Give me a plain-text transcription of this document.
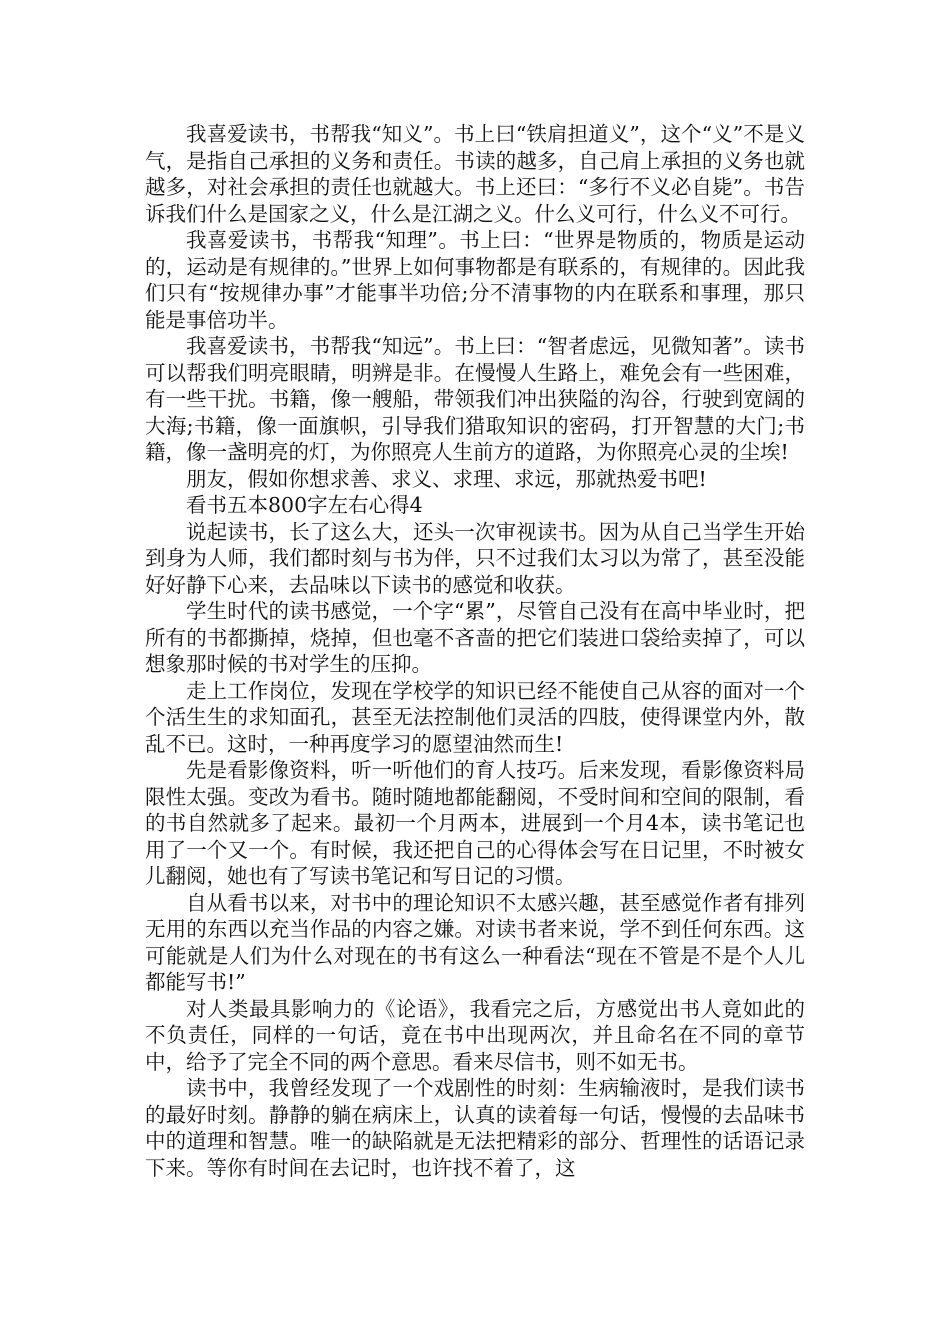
我喜爱读书，书帮我“知义”。书上曰“铁肩担道义”，这个“义”不是义气，是指自己承担的义务和责任。书读的越多，自己肩上承担的义务也就越多，对社会承担的责任也就越大。书上还曰：“多行不义必自毙”。书告诉我们什么是国家之义，什么是江湖之义。什么义可行，什么义不可行。

我喜爱读书，书帮我“知理”。书上曰：“世界是物质的，物质是运动的，运动是有规律的。”世界上如何事物都是有联系的，有规律的。因此我们只有“按规律办事”才能事半功倍;分不清事物的内在联系和事理，那只能是事倍功半。

我喜爱读书，书帮我“知远”。书上曰：“智者虑远，见微知著”。读书可以帮我们明亮眼睛，明辨是非。在慢慢人生路上，难免会有一些困难，有一些干扰。书籍，像一艘船，带领我们冲出狭隘的沟谷，行驶到宽阔的大海;书籍，像一面旗帜，引导我们猎取知识的密码，打开智慧的大门;书籍，像一盏明亮的灯，为你照亮人生前方的道路，为你照亮心灵的尘埃!

朋友，假如你想求善、求义、求理、求远，那就热爱书吧!

看书五本800字左右心得4

说起读书，长了这么大，还头一次审视读书。因为从自己当学生开始到身为人师，我们都时刻与书为伴，只不过我们太习以为常了，甚至没能好好静下心来，去品味以下读书的感觉和收获。

学生时代的读书感觉，一个字“累”，尽管自己没有在高中毕业时，把所有的书都撕掉，烧掉，但也毫不吝啬的把它们装进口袋给卖掉了，可以想象那时候的书对学生的压抑。

走上工作岗位，发现在学校学的知识已经不能使自己从容的面对一个个活生生的求知面孔，甚至无法控制他们灵活的四肢，使得课堂内外，散乱不已。这时，一种再度学习的愿望油然而生!

先是看影像资料，听一听他们的育人技巧。后来发现，看影像资料局限性太强。变改为看书。随时随地都能翻阅，不受时间和空间的限制，看的书自然就多了起来。最初一个月两本，进展到一个月4本，读书笔记也用了一个又一个。有时候，我还把自己的心得体会写在日记里，不时被女儿翻阅，她也有了写读书笔记和写日记的习惯。

自从看书以来，对书中的理论知识不太感兴趣，甚至感觉作者有排列无用的东西以充当作品的内容之嫌。对读书者来说，学不到任何东西。这可能就是人们为什么对现在的书有这么一种看法“现在不管是不是个人儿都能写书!”

对人类最具影响力的《论语》，我看完之后，方感觉出书人竟如此的不负责任，同样的一句话，竟在书中出现两次，并且命名在不同的章节中，给予了完全不同的两个意思。看来尽信书，则不如无书。

读书中，我曾经发现了一个戏剧性的时刻：生病输液时，是我们读书的最好时刻。静静的躺在病床上，认真的读着每一句话，慢慢的去品味书中的道理和智慧。唯一的缺陷就是无法把精彩的部分、哲理性的话语记录下来。等你有时间在去记时，也许找不着了，这
